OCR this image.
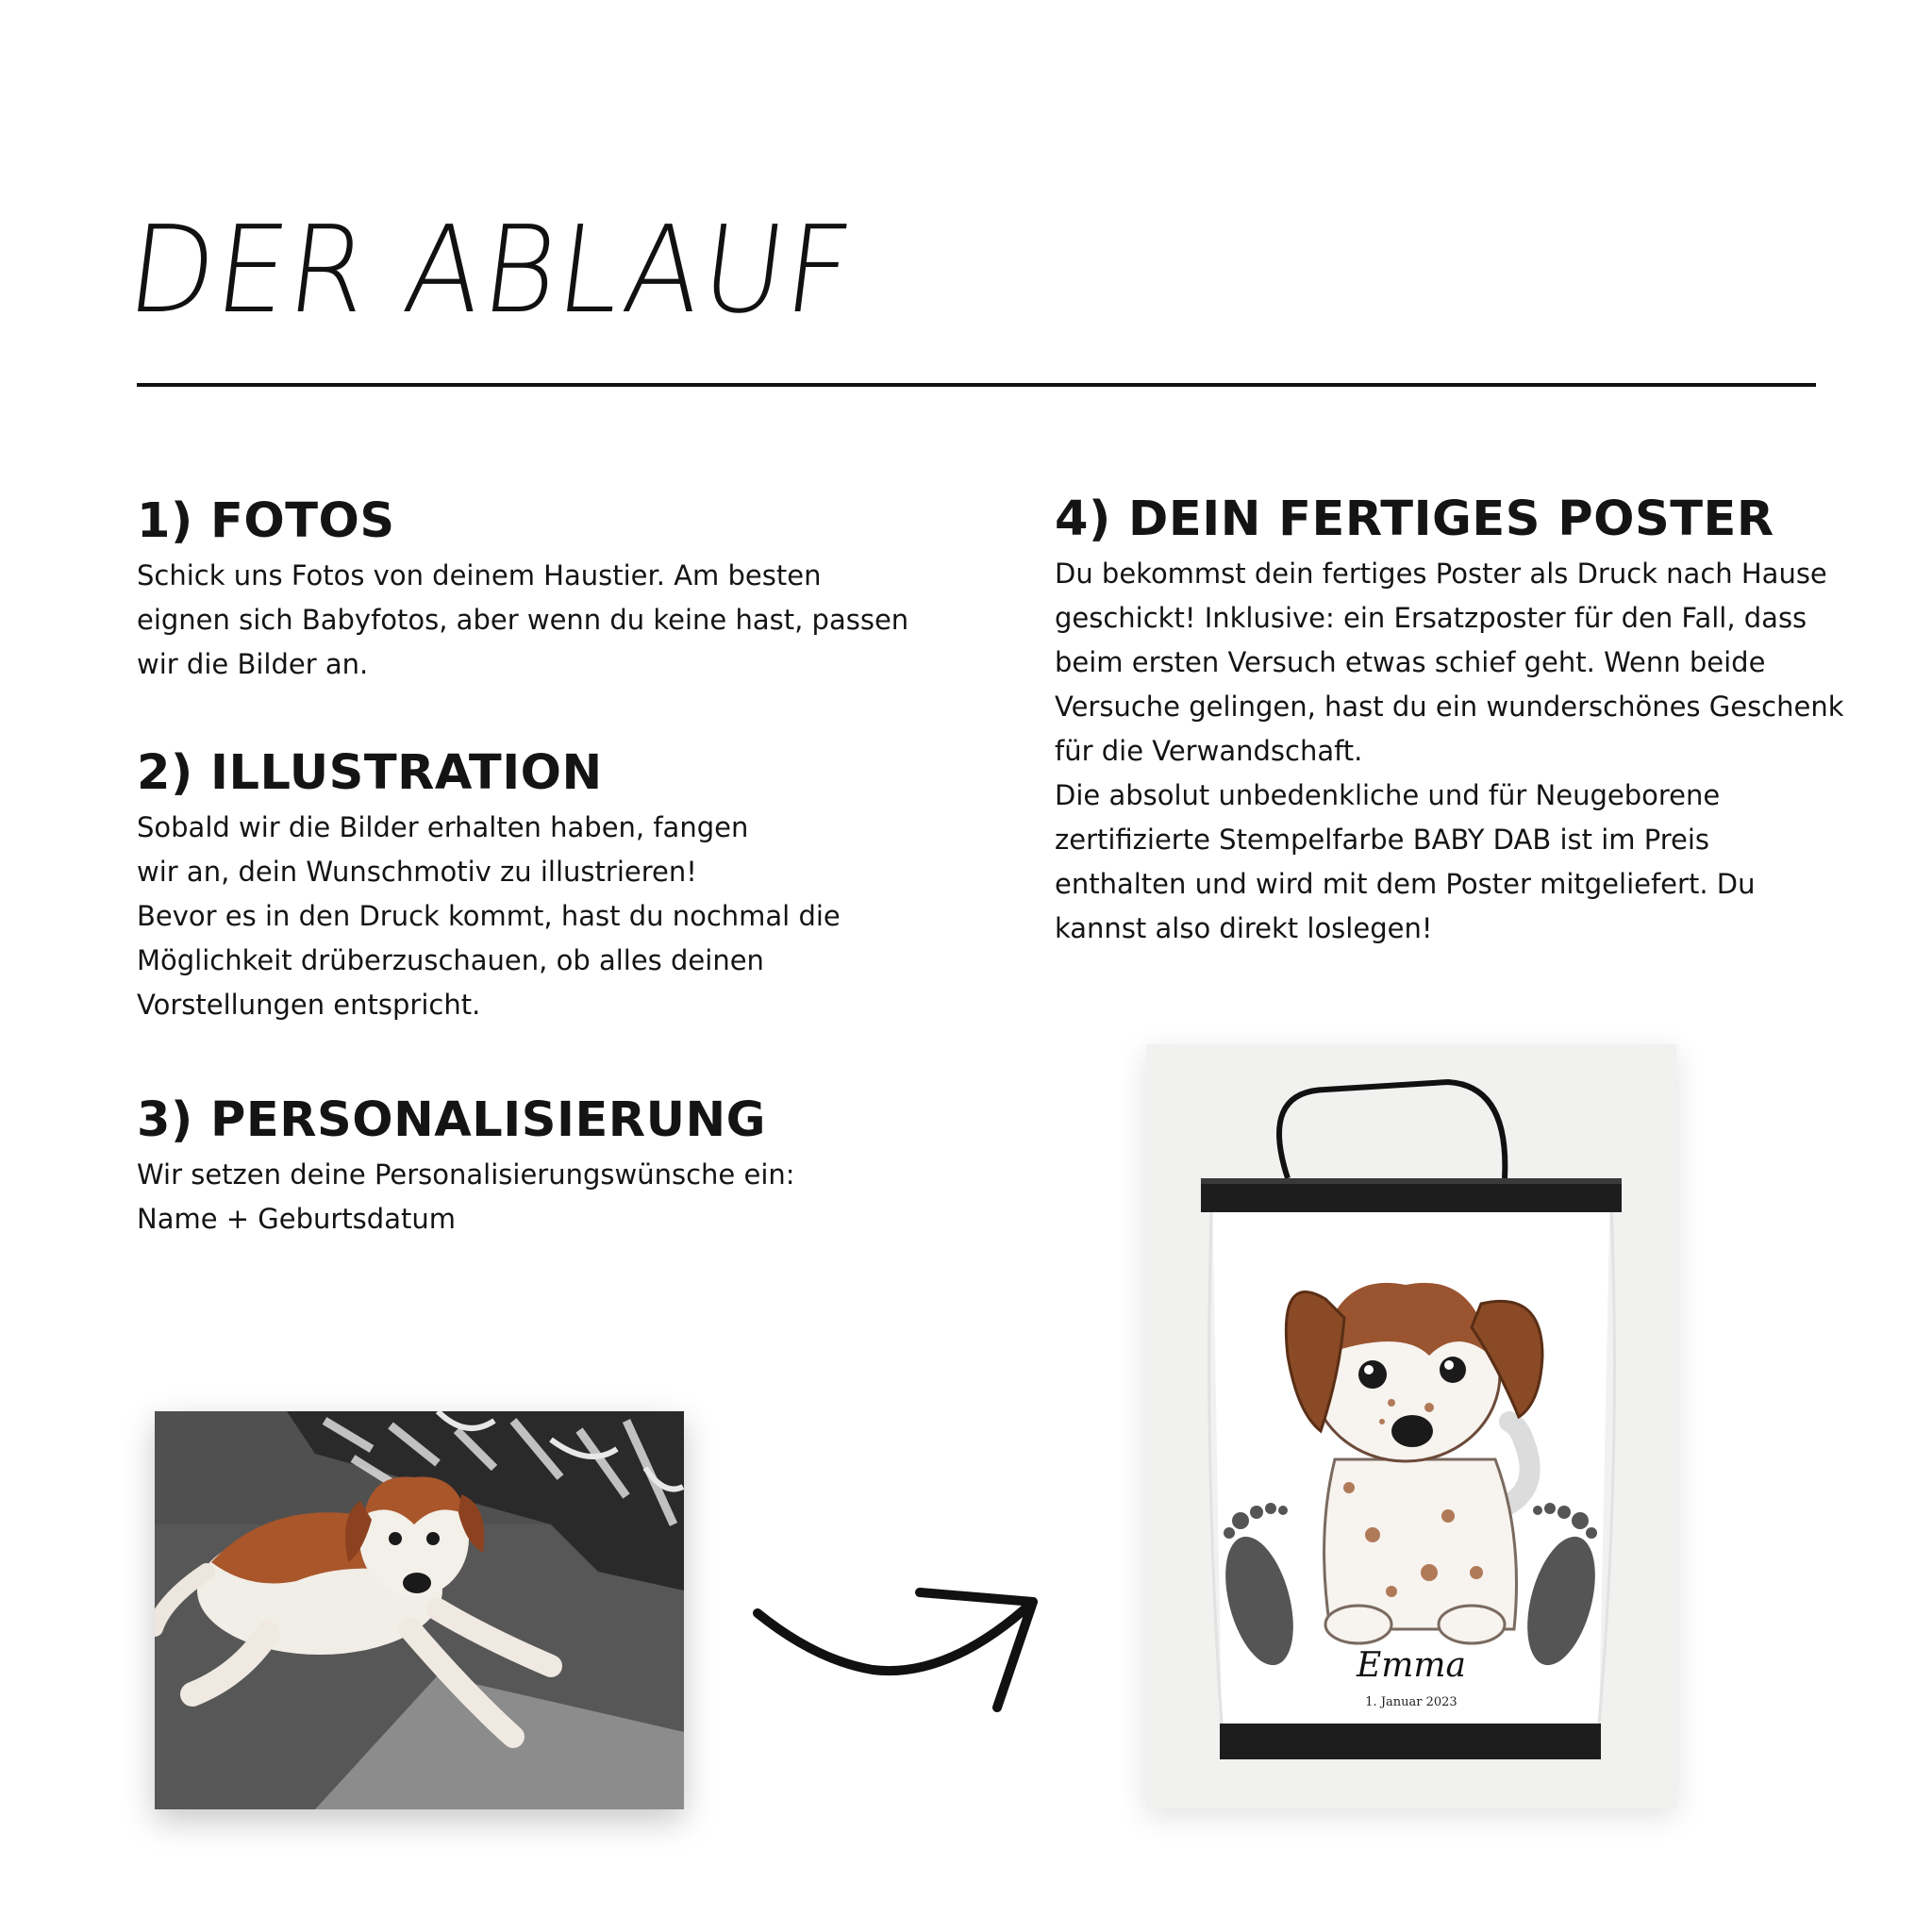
DER ABLAUF
1) FOTOS

Schick uns Fotos von deinem Haustier. Am besten
eignen sich Babyfotos, aber wenn du keine hast, passen
wir die Bilder an.

2) ILLUSTRATION

Sobald wir die Bilder erhalten haben, fangen
wir an, dein Wunschmotiv zu illustrieren!
Bevor es in den Druck kommt, hast du nochmal die
Möglichkeit drüberzuschauen, ob alles deinen
Vorstellungen entspricht.

3) PERSONALISIERUNG

Wir setzen deine Personalisierungswünsche ein:
Name + Geburtsdatum

4) DEIN FERTIGES POSTER

Du bekommst dein fertiges Poster als Druck nach Hause
geschickt! Inklusive: ein Ersatzposter für den Fall, dass
beim ersten Versuch etwas schief geht. Wenn beide
Versuche gelingen, hast du ein wunderschönes Geschenk
für die Verwandschaft.
Die absolut unbedenkliche und für Neugeborene
zertifizierte Stempelfarbe BABY DAB ist im Preis
enthalten und wird mit dem Poster mitgeliefert. Du
kannst also direkt loslegen!

Emma
1. Januar 2023
